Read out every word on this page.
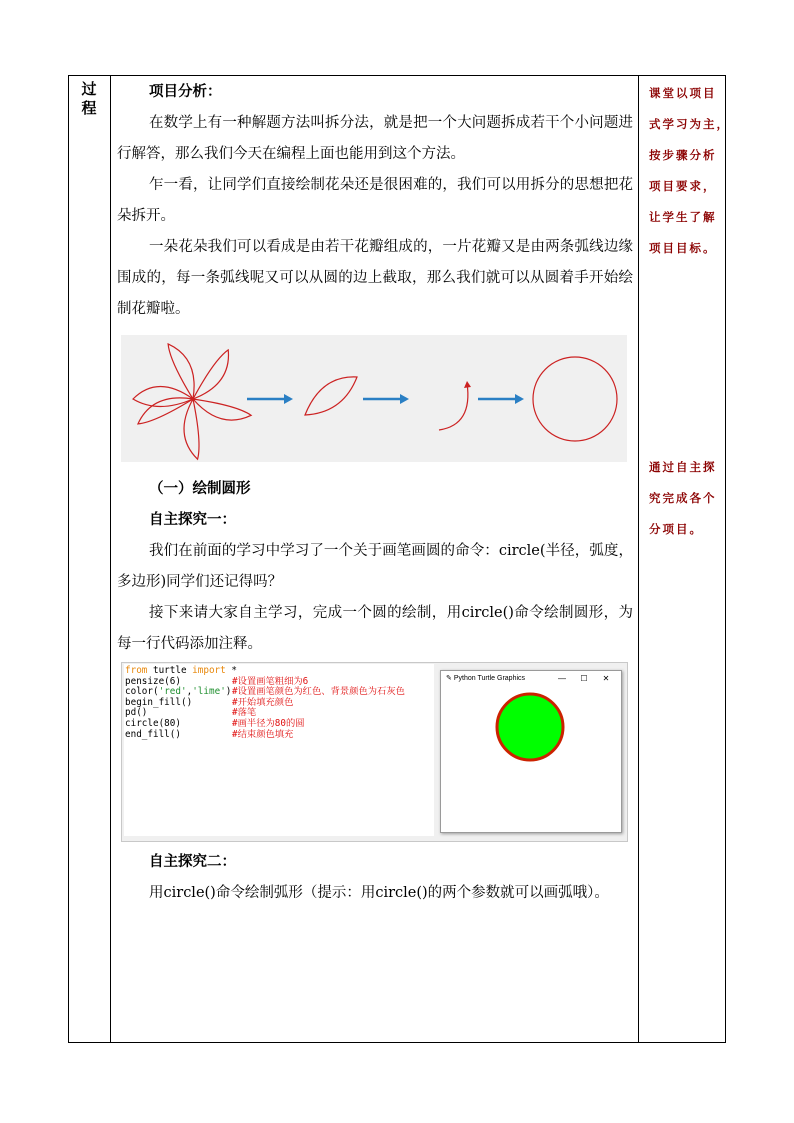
过
程

项目分析：

在数学上有一种解题方法叫拆分法，就是把一个大问题拆成若干个小问题进行解答，那么我们今天在编程上面也能用到这个方法。

乍一看，让同学们直接绘制花朵还是很困难的，我们可以用拆分的思想把花朵拆开。

一朵花朵我们可以看成是由若干花瓣组成的，一片花瓣又是由两条弧线边缘围成的，每一条弧线呢又可以从圆的边上截取，那么我们就可以从圆着手开始绘制花瓣啦。

（一）绘制圆形

自主探究一：

我们在前面的学习中学习了一个关于画笔画圆的命令：circle(半径，弧度，多边形)同学们还记得吗？

接下来请大家自主学习，完成一个圆的绘制，用circle()命令绘制圆形，为每一行代码添加注释。

from turtle import *
pensize(6)	#设置画笔粗细为6
color('red','lime') #设置画笔颜色为红色、背景颜色为石灰色
begin_fill()	#开始填充颜色
pd()	#落笔
circle(80)	#画半径为80的圆
end_fill()	#结束颜色填充
✎ Python Turtle Graphics	— ☐ ✕

自主探究二：

用circle()命令绘制弧形（提示：用circle()的两个参数就可以画弧哦）。

课堂以项目
式学习为主，
按步骤分析
项目要求，
让学生了解
项目目标。
通过自主探
究完成各个
分项目。
